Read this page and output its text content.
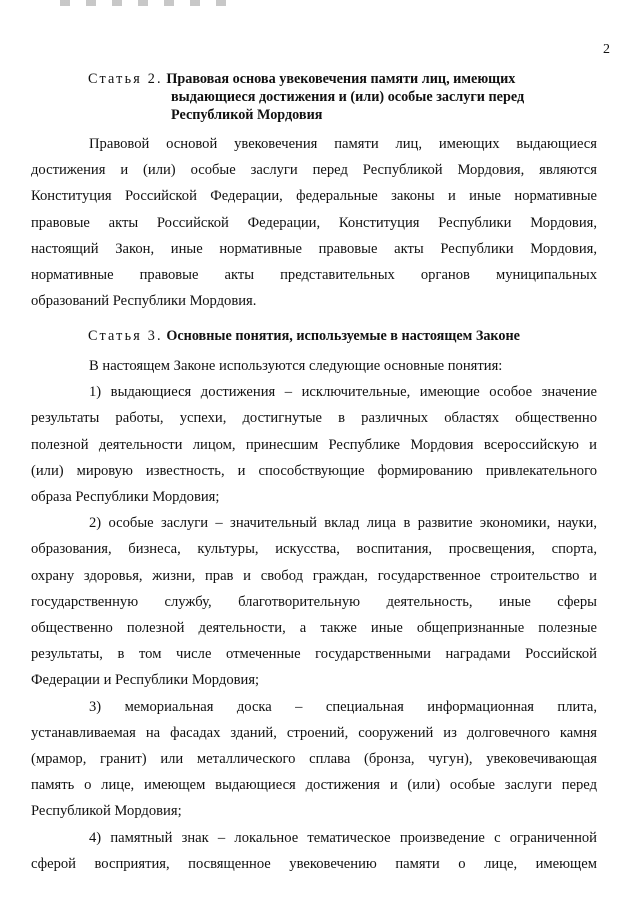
2
Статья 2. Правовая основа увековечения памяти лиц, имеющих
выдающиеся достижения и (или) особые заслуги перед
Республикой Мордовия
Правовой основой увековечения памяти лиц, имеющих выдающиеся
достижения и (или) особые заслуги перед Республикой Мордовия, являются
Конституция Российской Федерации, федеральные законы и иные нормативные
правовые акты Российской Федерации, Конституция Республики Мордовия,
настоящий Закон, иные нормативные правовые акты Республики Мордовия,
нормативные правовые акты представительных органов муниципальных
образований Республики Мордовия.
Статья 3. Основные понятия, используемые в настоящем Законе
В настоящем Законе используются следующие основные понятия:
1) выдающиеся достижения – исключительные, имеющие особое значение
результаты работы, успехи, достигнутые в различных областях общественно
полезной деятельности лицом, принесшим Республике Мордовия всероссийскую и
(или) мировую известность, и способствующие формированию привлекательного
образа Республики Мордовия;
2) особые заслуги – значительный вклад лица в развитие экономики, науки,
образования, бизнеса, культуры, искусства, воспитания, просвещения, спорта,
охрану здоровья, жизни, прав и свобод граждан, государственное строительство и
государственную службу, благотворительную деятельность, иные сферы
общественно полезной деятельности, а также иные общепризнанные полезные
результаты, в том числе отмеченные государственными наградами Российской
Федерации и Республики Мордовия;
3) мемориальная доска – специальная информационная плита,
устанавливаемая на фасадах зданий, строений, сооружений из долговечного камня
(мрамор, гранит) или металлического сплава (бронза, чугун), увековечивающая
память о лице, имеющем выдающиеся достижения и (или) особые заслуги перед
Республикой Мордовия;
4) памятный знак – локальное тематическое произведение с ограниченной
сферой восприятия, посвященное увековечению памяти о лице, имеющем
